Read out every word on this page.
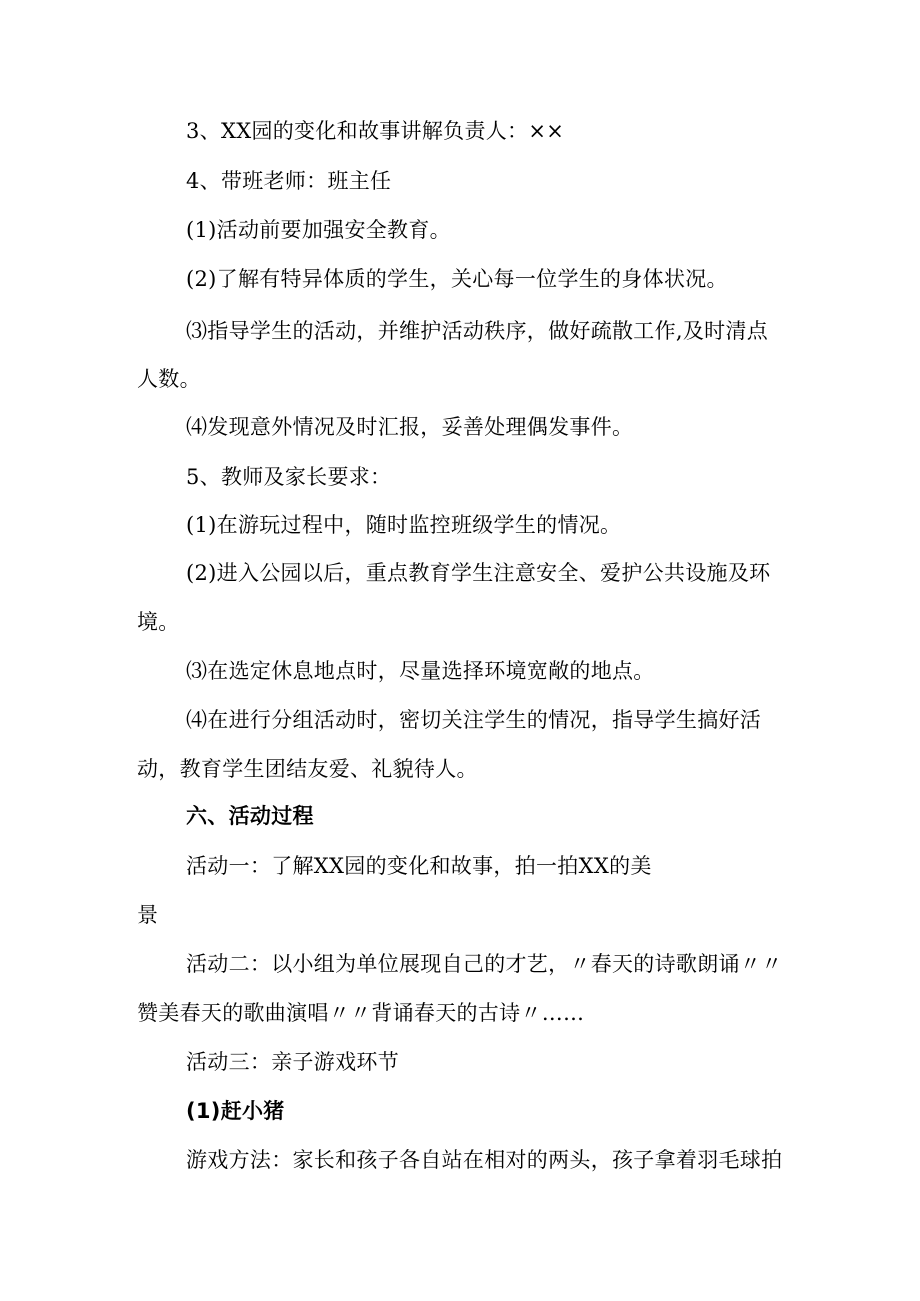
3、XX园的变化和故事讲解负责人：××

4、带班老师：班主任

(1)活动前要加强安全教育。

(2)了解有特异体质的学生，关心每一位学生的身体状况。

⑶指导学生的活动，并维护活动秩序，做好疏散工作,及时清点

人数。

⑷发现意外情况及时汇报，妥善处理偶发事件。

5、教师及家长要求：

(1)在游玩过程中，随时监控班级学生的情况。

(2)进入公园以后，重点教育学生注意安全、爱护公共设施及环

境。

⑶在选定休息地点时，尽量选择环境宽敞的地点。

⑷在进行分组活动时，密切关注学生的情况，指导学生搞好活

动，教育学生团结友爱、礼貌待人。

六、活动过程

活动一：了解XX园的变化和故事，拍一拍XX的美

景

活动二：以小组为单位展现自己的才艺，〃春天的诗歌朗诵〃〃

赞美春天的歌曲演唱〃〃背诵春天的古诗〃……

活动三：亲子游戏环节

(1)赶小猪

游戏方法：家长和孩子各自站在相对的两头，孩子拿着羽毛球拍
